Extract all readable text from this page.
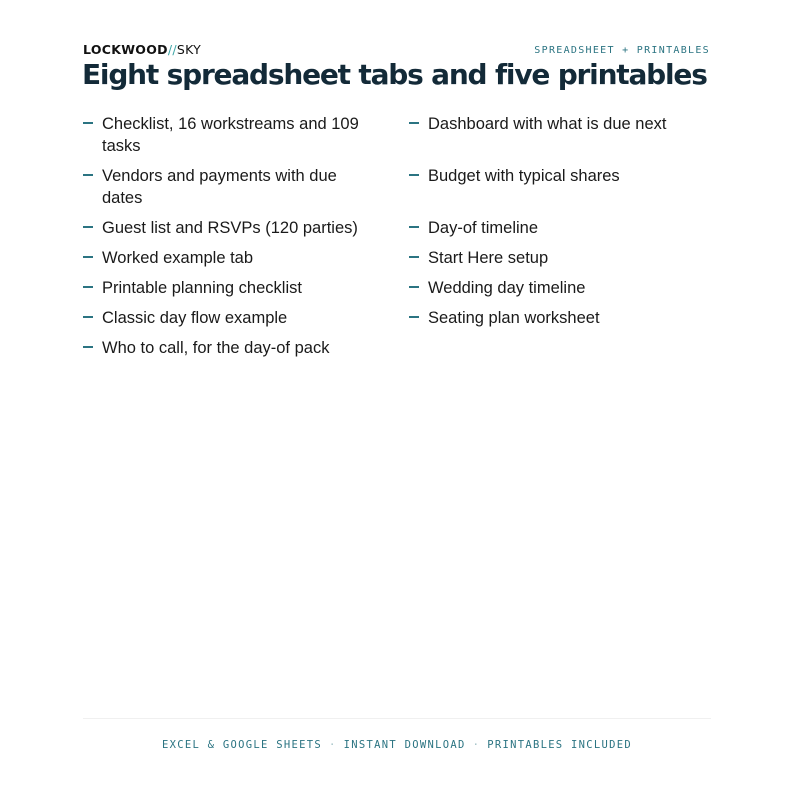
LOCKWOOD//SKY	SPREADSHEET + PRINTABLES
Eight spreadsheet tabs and five printables
Checklist, 16 workstreams and 109 tasks
Vendors and payments with due dates
Guest list and RSVPs (120 parties)
Worked example tab
Printable planning checklist
Classic day flow example
Who to call, for the day-of pack
Dashboard with what is due next
Budget with typical shares
Day-of timeline
Start Here setup
Wedding day timeline
Seating plan worksheet
EXCEL & GOOGLE SHEETS · INSTANT DOWNLOAD · PRINTABLES INCLUDED
